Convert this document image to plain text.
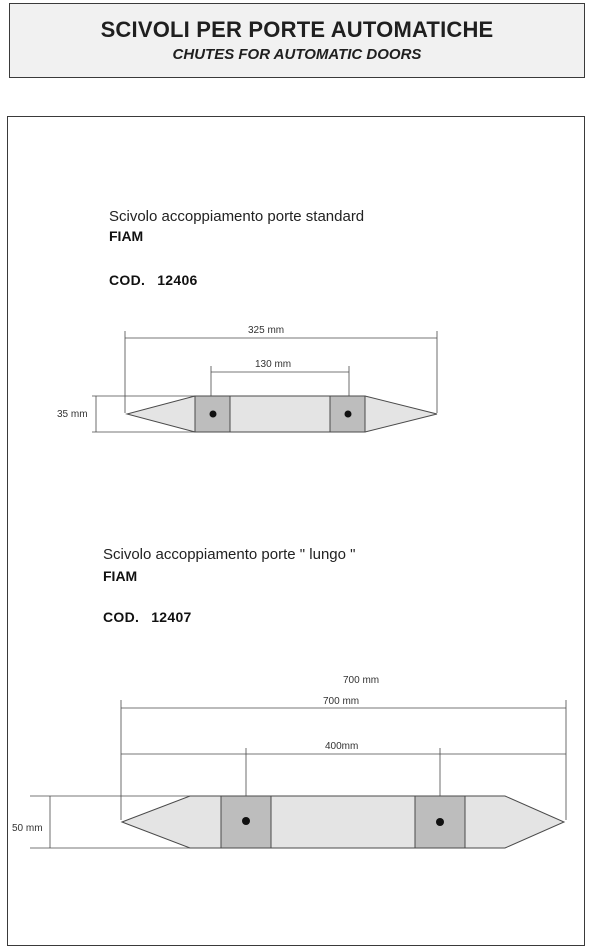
SCIVOLI PER PORTE AUTOMATICHE
CHUTES FOR AUTOMATIC DOORS
Scivolo accoppiamento porte standard
FIAM
COD. 12406
325 mm
130 mm
35 mm
Scivolo accoppiamento porte " lungo "
FIAM
COD. 12407
700 mm
700 mm
400mm
50 mm
